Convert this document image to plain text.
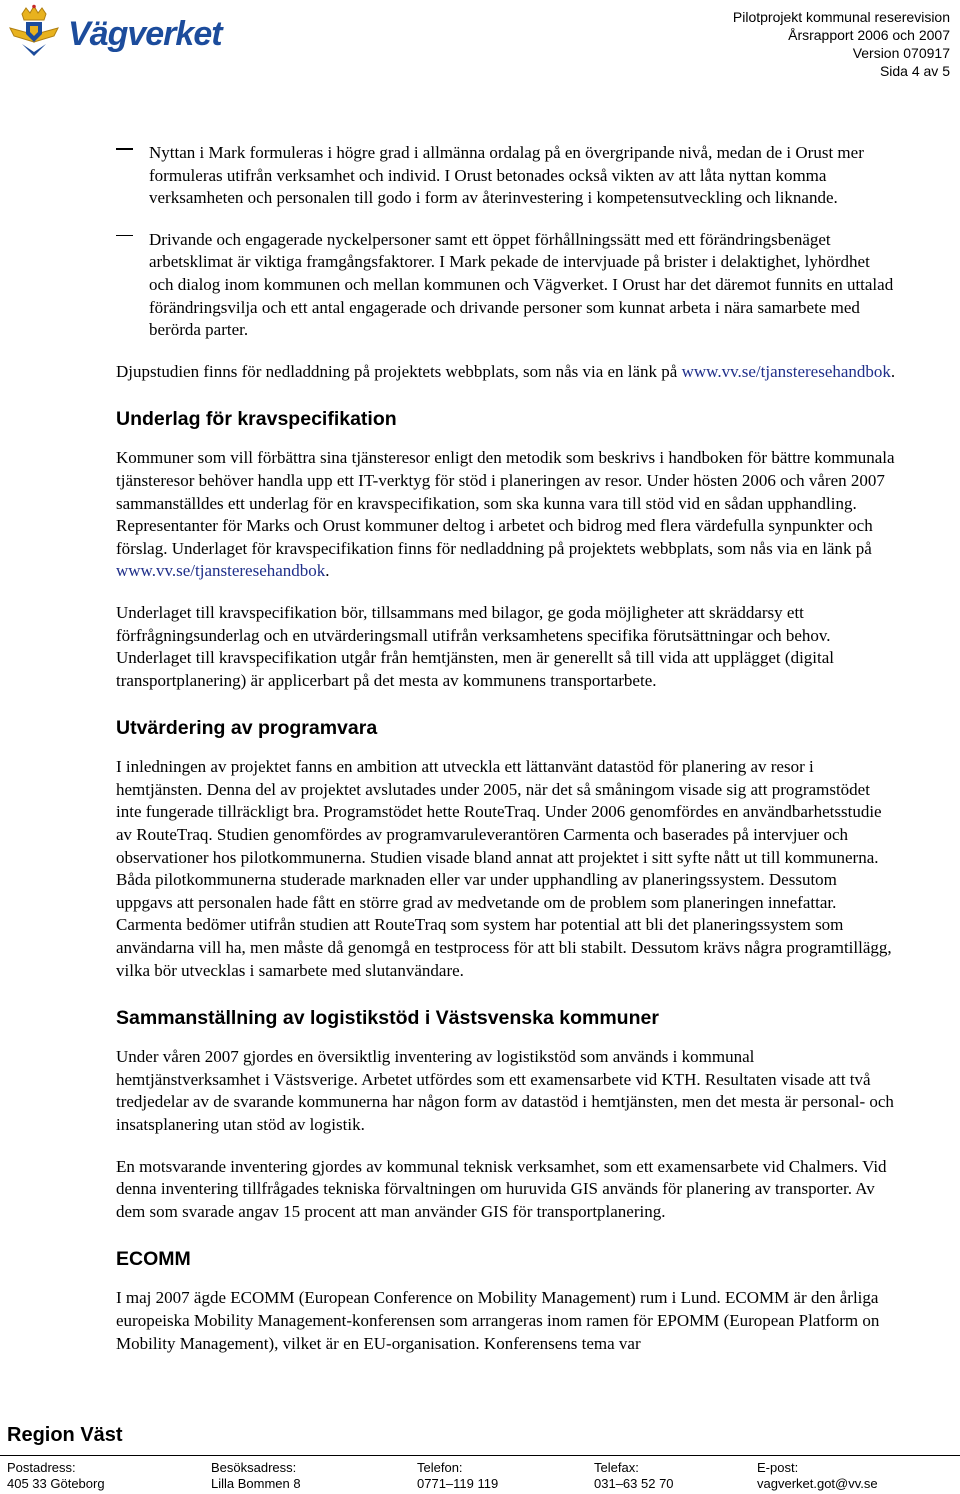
Vägverket	Pilotprojekt kommunal reserevision
Årsrapport 2006 och 2007
Version 070917
Sida 4 av 5
Nyttan i Mark formuleras i högre grad i allmänna ordalag på en övergripande nivå, medan de i Orust mer formuleras utifrån verksamhet och individ. I Orust betonades också vikten av att låta nyttan komma verksamheten och personalen till godo i form av återinvestering i kompetensutveckling och liknande.
Drivande och engagerade nyckelpersoner samt ett öppet förhållningssätt med ett förändringsbenäget arbetsklimat är viktiga framgångsfaktorer. I Mark pekade de intervjuade på brister i delaktighet, lyhördhet och dialog inom kommunen och mellan kommunen och Vägverket. I Orust har det däremot funnits en uttalad förändringsvilja och ett antal engagerade och drivande personer som kunnat arbeta i nära samarbete med berörda parter.

Djupstudien finns för nedladdning på projektets webbplats, som nås via en länk på www.vv.se/tjansteresehandbok.

Underlag för kravspecifikation

Kommuner som vill förbättra sina tjänsteresor enligt den metodik som beskrivs i handboken för bättre kommunala tjänsteresor behöver handla upp ett IT-verktyg för stöd i planeringen av resor. Under hösten 2006 och våren 2007 sammanställdes ett underlag för en kravspecifikation, som ska kunna vara till stöd vid en sådan upphandling. Representanter för Marks och Orust kommuner deltog i arbetet och bidrog med flera värdefulla synpunkter och förslag. Underlaget för kravspecifikation finns för nedladdning på projektets webbplats, som nås via en länk på www.vv.se/tjansteresehandbok.

Underlaget till kravspecifikation bör, tillsammans med bilagor, ge goda möjligheter att skräddarsy ett förfrågningsunderlag och en utvärderingsmall utifrån verksamhetens specifika förutsättningar och behov. Underlaget till kravspecifikation utgår från hemtjänsten, men är generellt så till vida att upplägget (digital transportplanering) är applicerbart på det mesta av kommunens transportarbete.

Utvärdering av programvara

I inledningen av projektet fanns en ambition att utveckla ett lättanvänt datastöd för planering av resor i hemtjänsten. Denna del av projektet avslutades under 2005, när det så småningom visade sig att programstödet inte fungerade tillräckligt bra. Programstödet hette RouteTraq. Under 2006 genomfördes en användbarhetsstudie av RouteTraq. Studien genomfördes av programvaruleverantören Carmenta och baserades på intervjuer och observationer hos pilotkommunerna. Studien visade bland annat att projektet i sitt syfte nått ut till kommunerna. Båda pilotkommunerna studerade marknaden eller var under upphandling av planeringssystem. Dessutom uppgavs att personalen hade fått en större grad av medvetande om de problem som planeringen innefattar. Carmenta bedömer utifrån studien att RouteTraq som system har potential att bli det planeringssystem som användarna vill ha, men måste då genomgå en testprocess för att bli stabilt. Dessutom krävs några programtillägg, vilka bör utvecklas i samarbete med slutanvändare.

Sammanställning av logistikstöd i Västsvenska kommuner

Under våren 2007 gjordes en översiktlig inventering av logistikstöd som används i kommunal hemtjänstverksamhet i Västsverige. Arbetet utfördes som ett examensarbete vid KTH. Resultaten visade att två tredjedelar av de svarande kommunerna har någon form av datastöd i hemtjänsten, men det mesta är personal- och insatsplanering utan stöd av logistik.

En motsvarande inventering gjordes av kommunal teknisk verksamhet, som ett examensarbete vid Chalmers. Vid denna inventering tillfrågades tekniska förvaltningen om huruvida GIS används för planering av transporter. Av dem som svarade angav 15 procent att man använder GIS för transportplanering.

ECOMM

I maj 2007 ägde ECOMM (European Conference on Mobility Management) rum i Lund. ECOMM är den årliga europeiska Mobility Management-konferensen som arrangeras inom ramen för EPOMM (European Platform on Mobility Management), vilket är en EU-organisation. Konferensens tema var

Region Väst
Postadress:
405 33 Göteborg
Besöksadress:
Lilla Bommen 8
Telefon:
0771–119 119
Telefax:
031–63 52 70
E-post:
vagverket.got@vv.se
